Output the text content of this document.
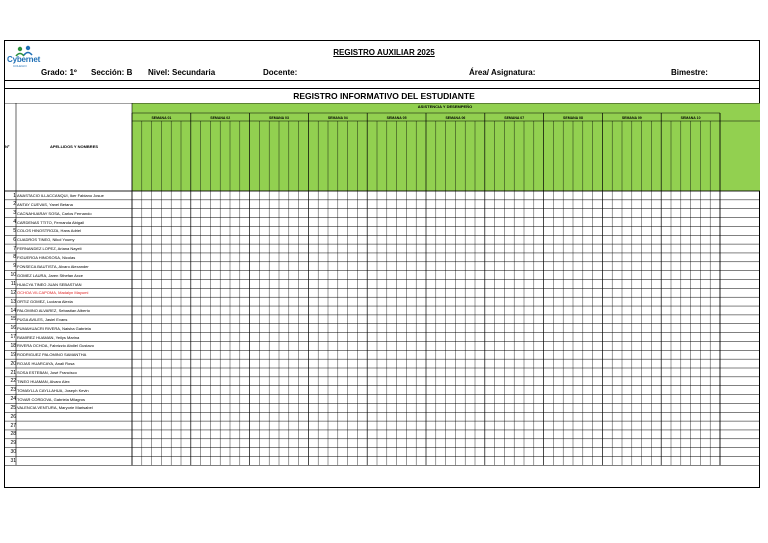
Cybernet
COLEGIO
REGISTRO AUXILIAR 2025
Grado: 1º Sección: B Nivel: Secundaria	Docente:	Área/ Asignatura:	Bimestre:
REGISTRO INFORMATIVO DEL ESTUDIANTE
ASISTENCIA Y DESEMPEÑO
Nº	APELLIDOS Y NOMBRES
SEMANA 01	SEMANA 02	SEMANA 03	SEMANA 04	SEMANA 05	SEMANA 06	SEMANA 07	SEMANA 08	SEMANA 09	SEMANA 10
1 ANASTACIO ILLACCANQUI, Iker Fabiano Josue
2 ANTAY CUEVAS, Yanel Betana
3 CACNAHUARAY SOSA, Carlos Fernando
4 CARDENAS TTITO, Fernanda Abigail
5 COLOS HINOSTROZA, Hans Adriel
6 CUADROS TINEO, Nikol Youmy
7 FERNANDEZ LOPEZ, Ariana Nayeli
8 FIGUEROA HINOSOSA, Nicolas
9 FONSECA BAUTISTA, Alvaro Alexander
10 GOMEZ LAURA, Jaren Sthefan Axce
11 HUACYA TINEO JUAN SEBASTIAN
12 OCHOA VILCAPOMA, Madalyn Mayumi
13 ORTIZ GOMEZ, Luciana Alexia
14 PALOMINO ALVAREZ, Sebastian Alberto
15 PUGA AVILES, Jasiel Evans
16 PUMAHUACRI RIVERA, Naisha Gabriela
17 RAMIREZ HUAMAN, Yeilys Marina
18 RIVERA OCHOA, Fabrizzio Abdiel Gustavo
19 RODRIGUEZ PALOMINO SAMANTHA
20 ROJAS HUARCAYA, Anali Rosa
21 SOSA ESTEBAN, José Francisco
22 TINEO HUAMAN, Alvaro Alex
23 TOMAYLLA CAYLLAHUA, Joseph Kevin
24 TOVAR CORDOVA, Gabriela Milagros
25 VALENCIA VENTURA, Maryorie Marisabel
26
27
28
29
30
31
